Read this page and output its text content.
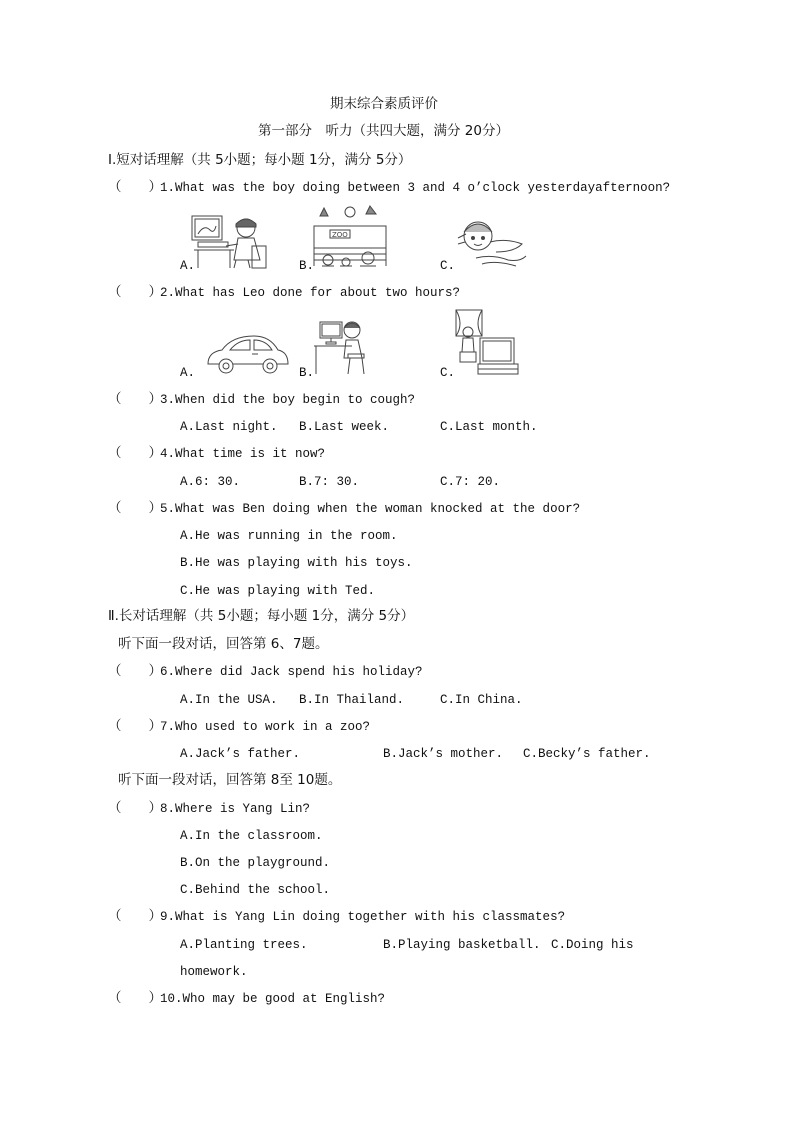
期末综合素质评价
第一部分　听力（共四大题，满分 20分）
Ⅰ.短对话理解（共 5小题；每小题 1分，满分 5分）
（　　）
1.What was the boy doing between 3 and 4 o’clock yesterdayafternoon?
ZOO
A.	B.	C.
（　　）
2.What has Leo done for about two hours?
A.	B.	C.
（　　）
3.When did the boy begin to cough?
A.Last night. B.Last week.	C.Last month.
（　　）
4.What time is it now?
A.6: 30.	B.7: 30.	C.7: 20.
（　　）
5.What was Ben doing when the woman knocked at the door?
A.He was running in the room.
B.He was playing with his toys.
C.He was playing with Ted.
Ⅱ.长对话理解（共 5小题；每小题 1分，满分 5分）
听下面一段对话，回答第 6、7题。
（　　）
6.Where did Jack spend his holiday?
A.In the USA. B.In Thailand.	C.In China.
（　　）
7.Who used to work in a zoo?
A.Jack’s father.	B.Jack’s mother. C.Becky’s father.
听下面一段对话，回答第 8至 10题。
（　　）
8.Where is Yang Lin?
A.In the classroom.
B.On the playground.
C.Behind the school.
（　　）
9.What is Yang Lin doing together with his classmates?
A.Planting trees.	B.Playing basketball. C.Doing his
homework.
（　　）
10.Who may be good at English?
